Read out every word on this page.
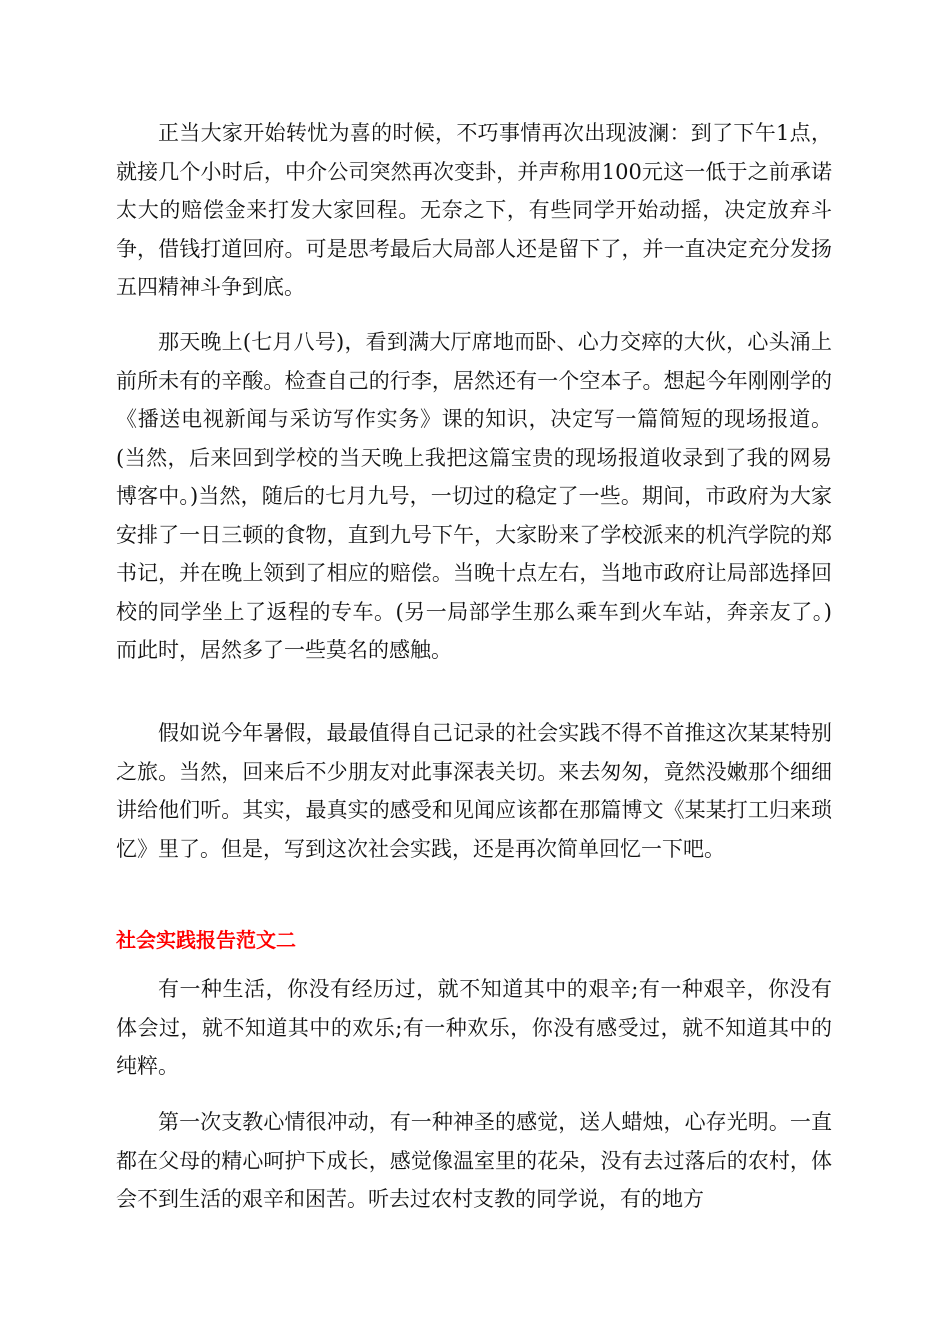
正当大家开始转忧为喜的时候，不巧事情再次出现波澜：到了下午1点，就接几个小时后，中介公司突然再次变卦，并声称用100元这一低于之前承诺太大的赔偿金来打发大家回程。无奈之下，有些同学开始动摇，决定放弃斗争，借钱打道回府。可是思考最后大局部人还是留下了，并一直决定充分发扬五四精神斗争到底。

那天晚上(七月八号)，看到满大厅席地而卧、心力交瘁的大伙，心头涌上前所未有的辛酸。检查自己的行李，居然还有一个空本子。想起今年刚刚学的《播送电视新闻与采访写作实务》课的知识，决定写一篇简短的现场报道。(当然，后来回到学校的当天晚上我把这篇宝贵的现场报道收录到了我的网易博客中。)当然，随后的七月九号，一切过的稳定了一些。期间，市政府为大家安排了一日三顿的食物，直到九号下午，大家盼来了学校派来的机汽学院的郑书记，并在晚上领到了相应的赔偿。当晚十点左右，当地市政府让局部选择回校的同学坐上了返程的专车。(另一局部学生那么乘车到火车站，奔亲友了。)而此时，居然多了一些莫名的感触。

假如说今年暑假，最最值得自己记录的社会实践不得不首推这次某某特别之旅。当然，回来后不少朋友对此事深表关切。来去匆匆，竟然没嫩那个细细讲给他们听。其实，最真实的感受和见闻应该都在那篇博文《某某打工归来琐忆》里了。但是，写到这次社会实践，还是再次简单回忆一下吧。

社会实践报告范文二

有一种生活，你没有经历过，就不知道其中的艰辛;有一种艰辛，你没有体会过，就不知道其中的欢乐;有一种欢乐，你没有感受过，就不知道其中的纯粹。

第一次支教心情很冲动，有一种神圣的感觉，送人蜡烛，心存光明。一直都在父母的精心呵护下成长，感觉像温室里的花朵，没有去过落后的农村，体会不到生活的艰辛和困苦。听去过农村支教的同学说，有的地方
